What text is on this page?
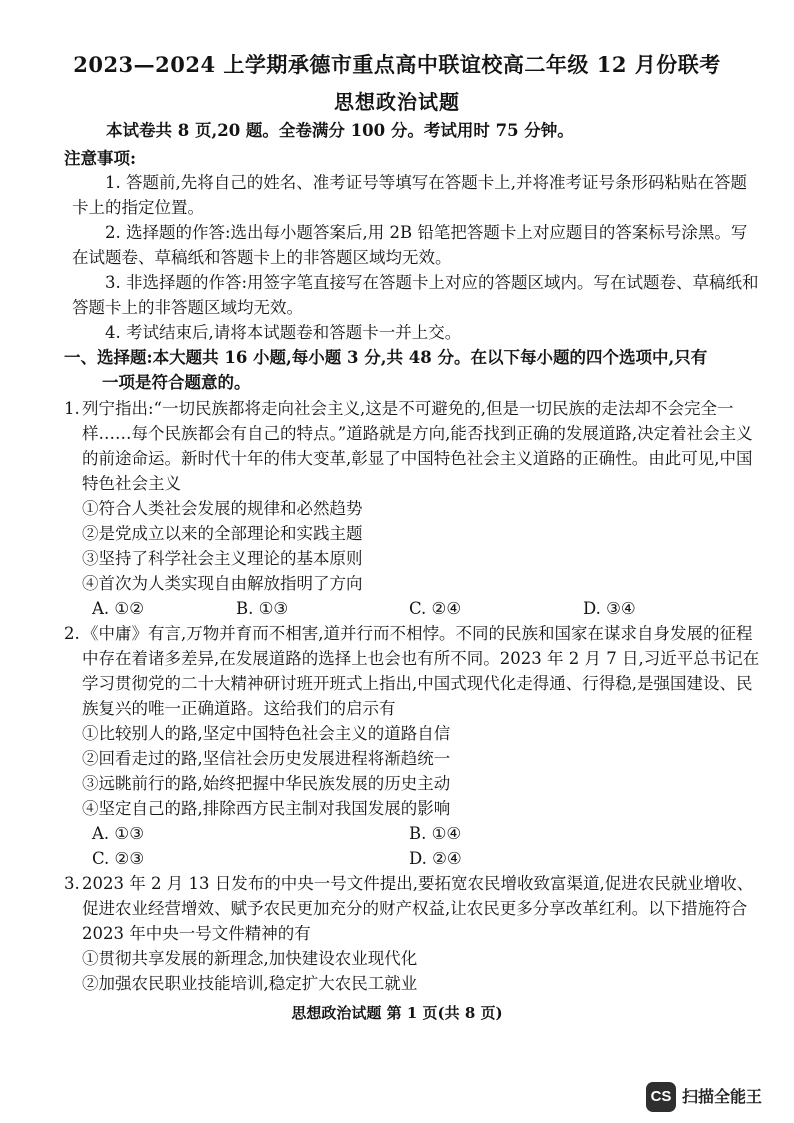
2023—2024 上学期承德市重点高中联谊校高二年级 12 月份联考
思想政治试题
本试卷共 8 页,20 题。全卷满分 100 分。考试用时 75 分钟。
注意事项:
1. 答题前,先将自己的姓名、准考证号等填写在答题卡上,并将准考证号条形码粘贴在答题卡上的指定位置。
2. 选择题的作答:选出每小题答案后,用 2B 铅笔把答题卡上对应题目的答案标号涂黑。写在试题卷、草稿纸和答题卡上的非答题区域均无效。
3. 非选择题的作答:用签字笔直接写在答题卡上对应的答题区域内。写在试题卷、草稿纸和答题卡上的非答题区域均无效。
4. 考试结束后,请将本试题卷和答题卡一并上交。
一、选择题:本大题共 16 小题,每小题 3 分,共 48 分。在以下每小题的四个选项中,只有
一项是符合题意的。
1. 列宁指出:“一切民族都将走向社会主义,这是不可避免的,但是一切民族的走法却不会完全一样……每个民族都会有自己的特点。”道路就是方向,能否找到正确的发展道路,决定着社会主义的前途命运。新时代十年的伟大变革,彰显了中国特色社会主义道路的正确性。由此可见,中国特色社会主义
①符合人类社会发展的规律和必然趋势
②是党成立以来的全部理论和实践主题
③坚持了科学社会主义理论的基本原则
④首次为人类实现自由解放指明了方向
A. ①②	B. ①③	C. ②④	D. ③④
2. 《中庸》有言,万物并育而不相害,道并行而不相悖。不同的民族和国家在谋求自身发展的征程中存在着诸多差异,在发展道路的选择上也会也有所不同。2023 年 2 月 7 日,习近平总书记在学习贯彻党的二十大精神研讨班开班式上指出,中国式现代化走得通、行得稳,是强国建设、民族复兴的唯一正确道路。这给我们的启示有
①比较别人的路,坚定中国特色社会主义的道路自信
②回看走过的路,坚信社会历史发展进程将渐趋统一
③远眺前行的路,始终把握中华民族发展的历史主动
④坚定自己的路,排除西方民主制对我国发展的影响
A. ①③	B. ①④
C. ②③	D. ②④
3. 2023 年 2 月 13 日发布的中央一号文件提出,要拓宽农民增收致富渠道,促进农民就业增收、促进农业经营增效、赋予农民更加充分的财产权益,让农民更多分享改革红利。以下措施符合 2023 年中央一号文件精神的有
①贯彻共享发展的新理念,加快建设农业现代化
②加强农民职业技能培训,稳定扩大农民工就业
思想政治试题 第 1 页(共 8 页)
CS 扫描全能王
